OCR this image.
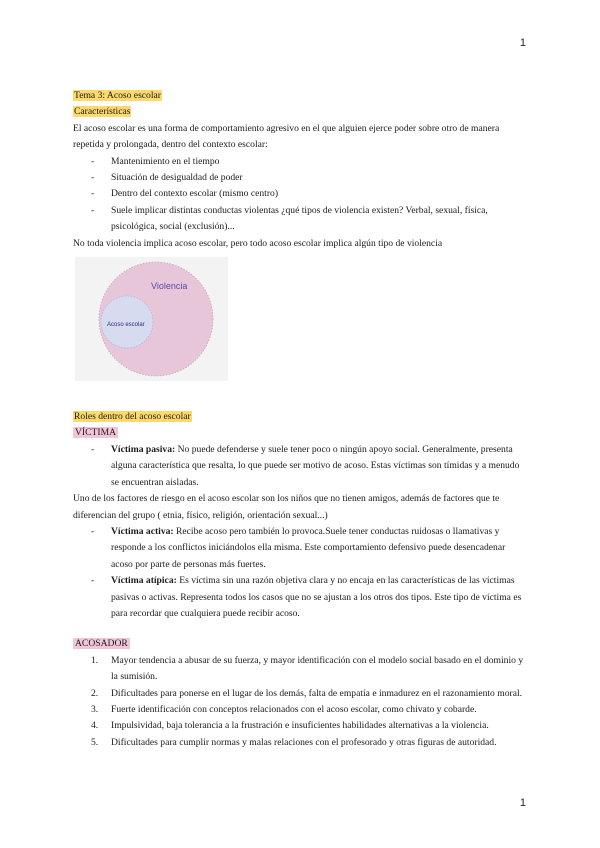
1

Tema 3: Acoso escolar

Características

El acoso escolar es una forma de comportamiento agresivo en el que alguien ejerce poder sobre otro de manera repetida y prolongada, dentro del contexto escolar:

- Mantenimiento en el tiempo
- Situación de desigualdad de poder
- Dentro del contexto escolar (mismo centro)
- Suele implicar distintas conductas violentas ¿qué tipos de violencia existen? Verbal, sexual, física, psicológica, social (exclusión)...

No toda violencia implica acoso escolar, pero todo acoso escolar implica algún tipo de violencia

Violencia
Acoso escolar

Roles dentro del acoso escolar

VÍCTIMA

- Víctima pasiva: No puede defenderse y suele tener poco o ningún apoyo social. Generalmente, presenta alguna característica que resalta, lo que puede ser motivo de acoso. Estas víctimas son tímidas y a menudo se encuentran aisladas.

Uno de los factores de riesgo en el acoso escolar son los niños que no tienen amigos, además de factores que te diferencian del grupo ( etnia, físico, religión, orientación sexual...)

- Víctima activa: Recibe acoso pero también lo provoca.Suele tener conductas ruidosas o llamativas y responde a los conflictos iniciándolos ella misma. Este comportamiento defensivo puede desencadenar acoso por parte de personas más fuertes.
- Víctima atípica: Es víctima sin una razón objetiva clara y no encaja en las características de las víctimas pasivas o activas. Representa todos los casos que no se ajustan a los otros dos tipos. Este tipo de víctima es para recordar que cualquiera puede recibir acoso.

ACOSADOR

1. Mayor tendencia a abusar de su fuerza, y mayor identificación con el modelo social basado en el dominio y la sumisión.
2. Dificultades para ponerse en el lugar de los demás, falta de empatía e inmadurez en el razonamiento moral.
3. Fuerte identificación con conceptos relacionados con el acoso escolar, como chivato y cobarde.
4. Impulsividad, baja tolerancia a la frustración e insuficientes habilidades alternativas a la violencia.
5. Dificultades para cumplir normas y malas relaciones con el profesorado y otras figuras de autoridad.
1
